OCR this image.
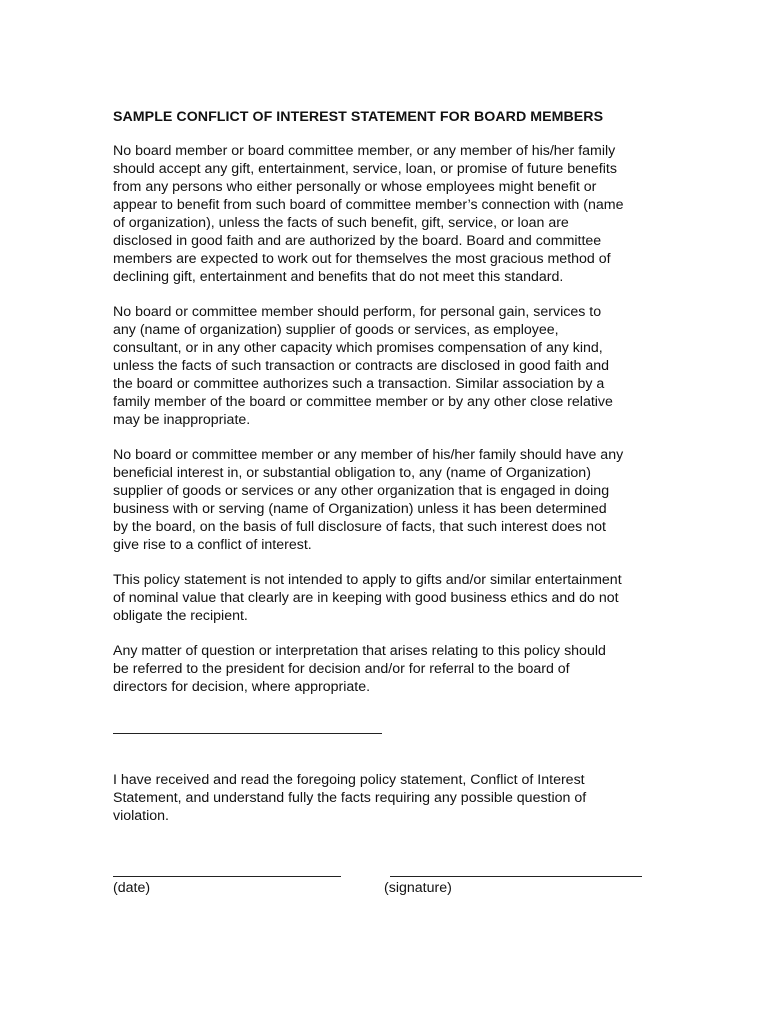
SAMPLE CONFLICT OF INTEREST STATEMENT FOR BOARD MEMBERS
No board member or board committee member, or any member of his/her family
should accept any gift, entertainment, service, loan, or promise of future benefits
from any persons who either personally or whose employees might benefit or
appear to benefit from such board of committee member’s connection with (name
of organization), unless the facts of such benefit, gift, service, or loan are
disclosed in good faith and are authorized by the board. Board and committee
members are expected to work out for themselves the most gracious method of
declining gift, entertainment and benefits that do not meet this standard.
No board or committee member should perform, for personal gain, services to
any (name of organization) supplier of goods or services, as employee,
consultant, or in any other capacity which promises compensation of any kind,
unless the facts of such transaction or contracts are disclosed in good faith and
the board or committee authorizes such a transaction. Similar association by a
family member of the board or committee member or by any other close relative
may be inappropriate.
No board or committee member or any member of his/her family should have any
beneficial interest in, or substantial obligation to, any (name of Organization)
supplier of goods or services or any other organization that is engaged in doing
business with or serving (name of Organization) unless it has been determined
by the board, on the basis of full disclosure of facts, that such interest does not
give rise to a conflict of interest.
This policy statement is not intended to apply to gifts and/or similar entertainment
of nominal value that clearly are in keeping with good business ethics and do not
obligate the recipient.
Any matter of question or interpretation that arises relating to this policy should
be referred to the president for decision and/or for referral to the board of
directors for decision, where appropriate.
I have received and read the foregoing policy statement, Conflict of Interest
Statement, and understand fully the facts requiring any possible question of
violation.
(date)	(signature)
